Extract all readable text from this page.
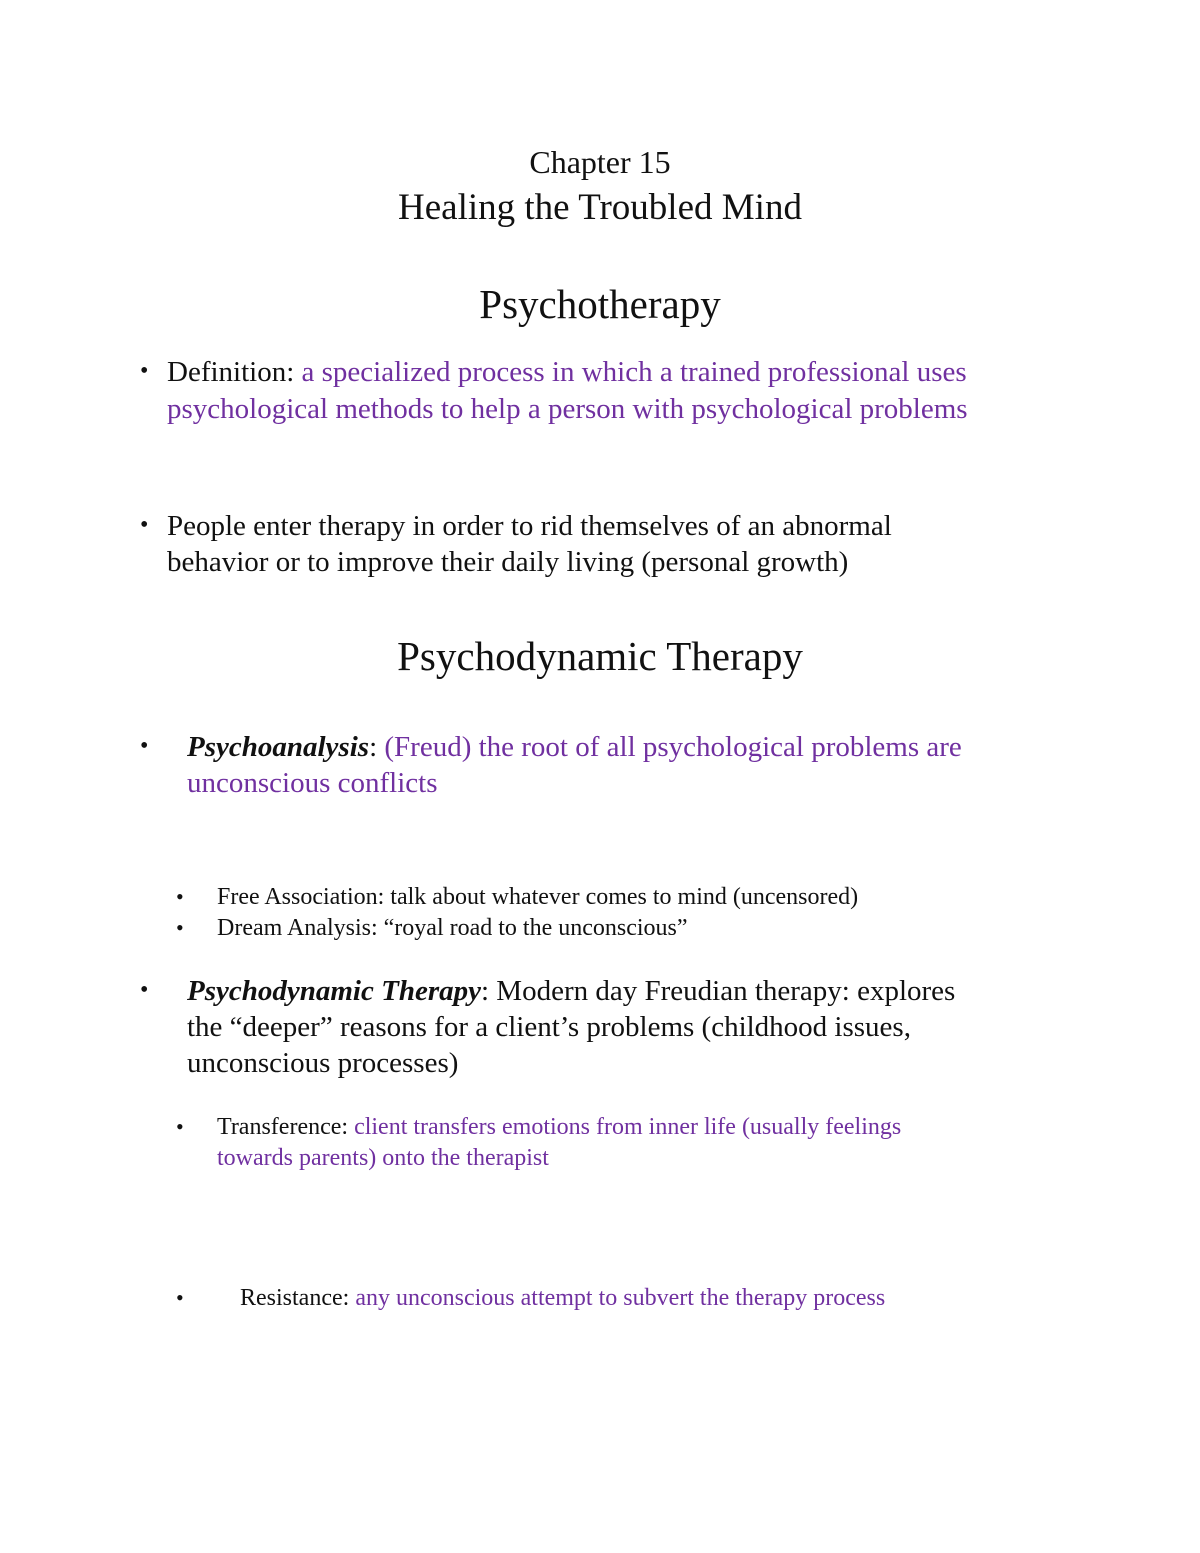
Chapter 15
Healing the Troubled Mind
Psychotherapy
• Definition: a specialized process in which a trained professional uses
psychological methods to help a person with psychological problems
• People enter therapy in order to rid themselves of an abnormal
behavior or to improve their daily living (personal growth)
Psychodynamic Therapy
• Psychoanalysis: (Freud) the root of all psychological problems are
unconscious conflicts
• Free Association: talk about whatever comes to mind (uncensored)
• Dream Analysis: “royal road to the unconscious”
• Psychodynamic Therapy: Modern day Freudian therapy: explores
the “deeper” reasons for a client’s problems (childhood issues,
unconscious processes)
• Transference: client transfers emotions from inner life (usually feelings
towards parents) onto the therapist
• Resistance: any unconscious attempt to subvert the therapy process
